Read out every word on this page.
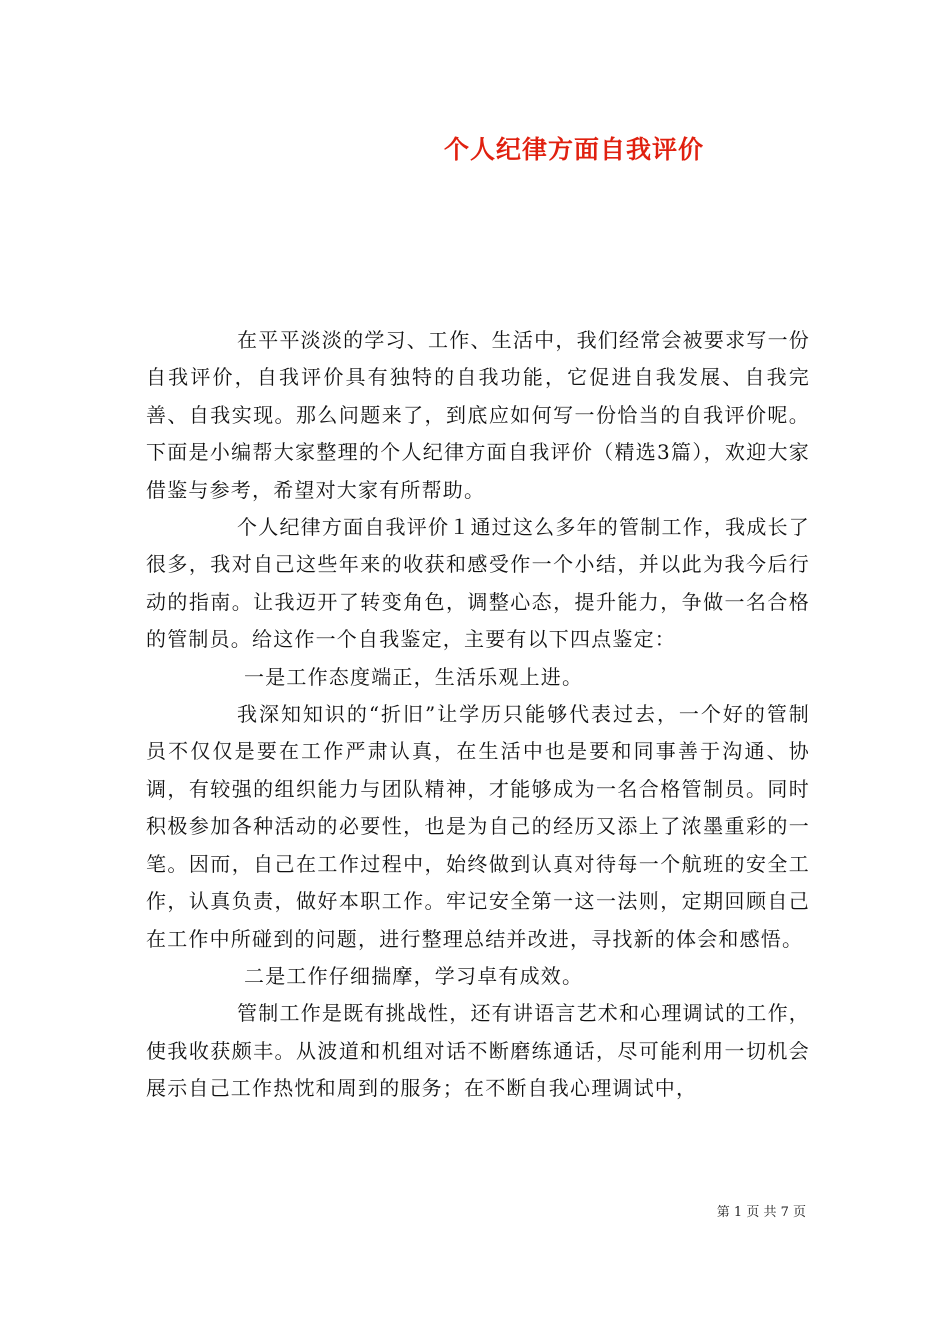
个人纪律方面自我评价

在平平淡淡的学习、工作、生活中，我们经常会被要求写一份自我评价，自我评价具有独特的自我功能，它促进自我发展、自我完善、自我实现。那么问题来了，到底应如何写一份恰当的自我评价呢。下面是小编帮大家整理的个人纪律方面自我评价（精选3篇），欢迎大家借鉴与参考，希望对大家有所帮助。

个人纪律方面自我评价１通过这么多年的管制工作，我成长了很多，我对自己这些年来的收获和感受作一个小结，并以此为我今后行动的指南。让我迈开了转变角色，调整心态，提升能力，争做一名合格的管制员。给这作一个自我鉴定，主要有以下四点鉴定：

一是工作态度端正，生活乐观上进。

我深知知识的“折旧”让学历只能够代表过去，一个好的管制员不仅仅是要在工作严肃认真，在生活中也是要和同事善于沟通、协调，有较强的组织能力与团队精神，才能够成为一名合格管制员。同时积极参加各种活动的必要性，也是为自己的经历又添上了浓墨重彩的一笔。因而，自己在工作过程中，始终做到认真对待每一个航班的安全工作，认真负责，做好本职工作。牢记安全第一这一法则，定期回顾自己在工作中所碰到的问题，进行整理总结并改进，寻找新的体会和感悟。

二是工作仔细揣摩，学习卓有成效。

管制工作是既有挑战性，还有讲语言艺术和心理调试的工作，使我收获颇丰。从波道和机组对话不断磨练通话，尽可能利用一切机会展示自己工作热忱和周到的服务；在不断自我心理调试中，

第 1 页 共 7 页
